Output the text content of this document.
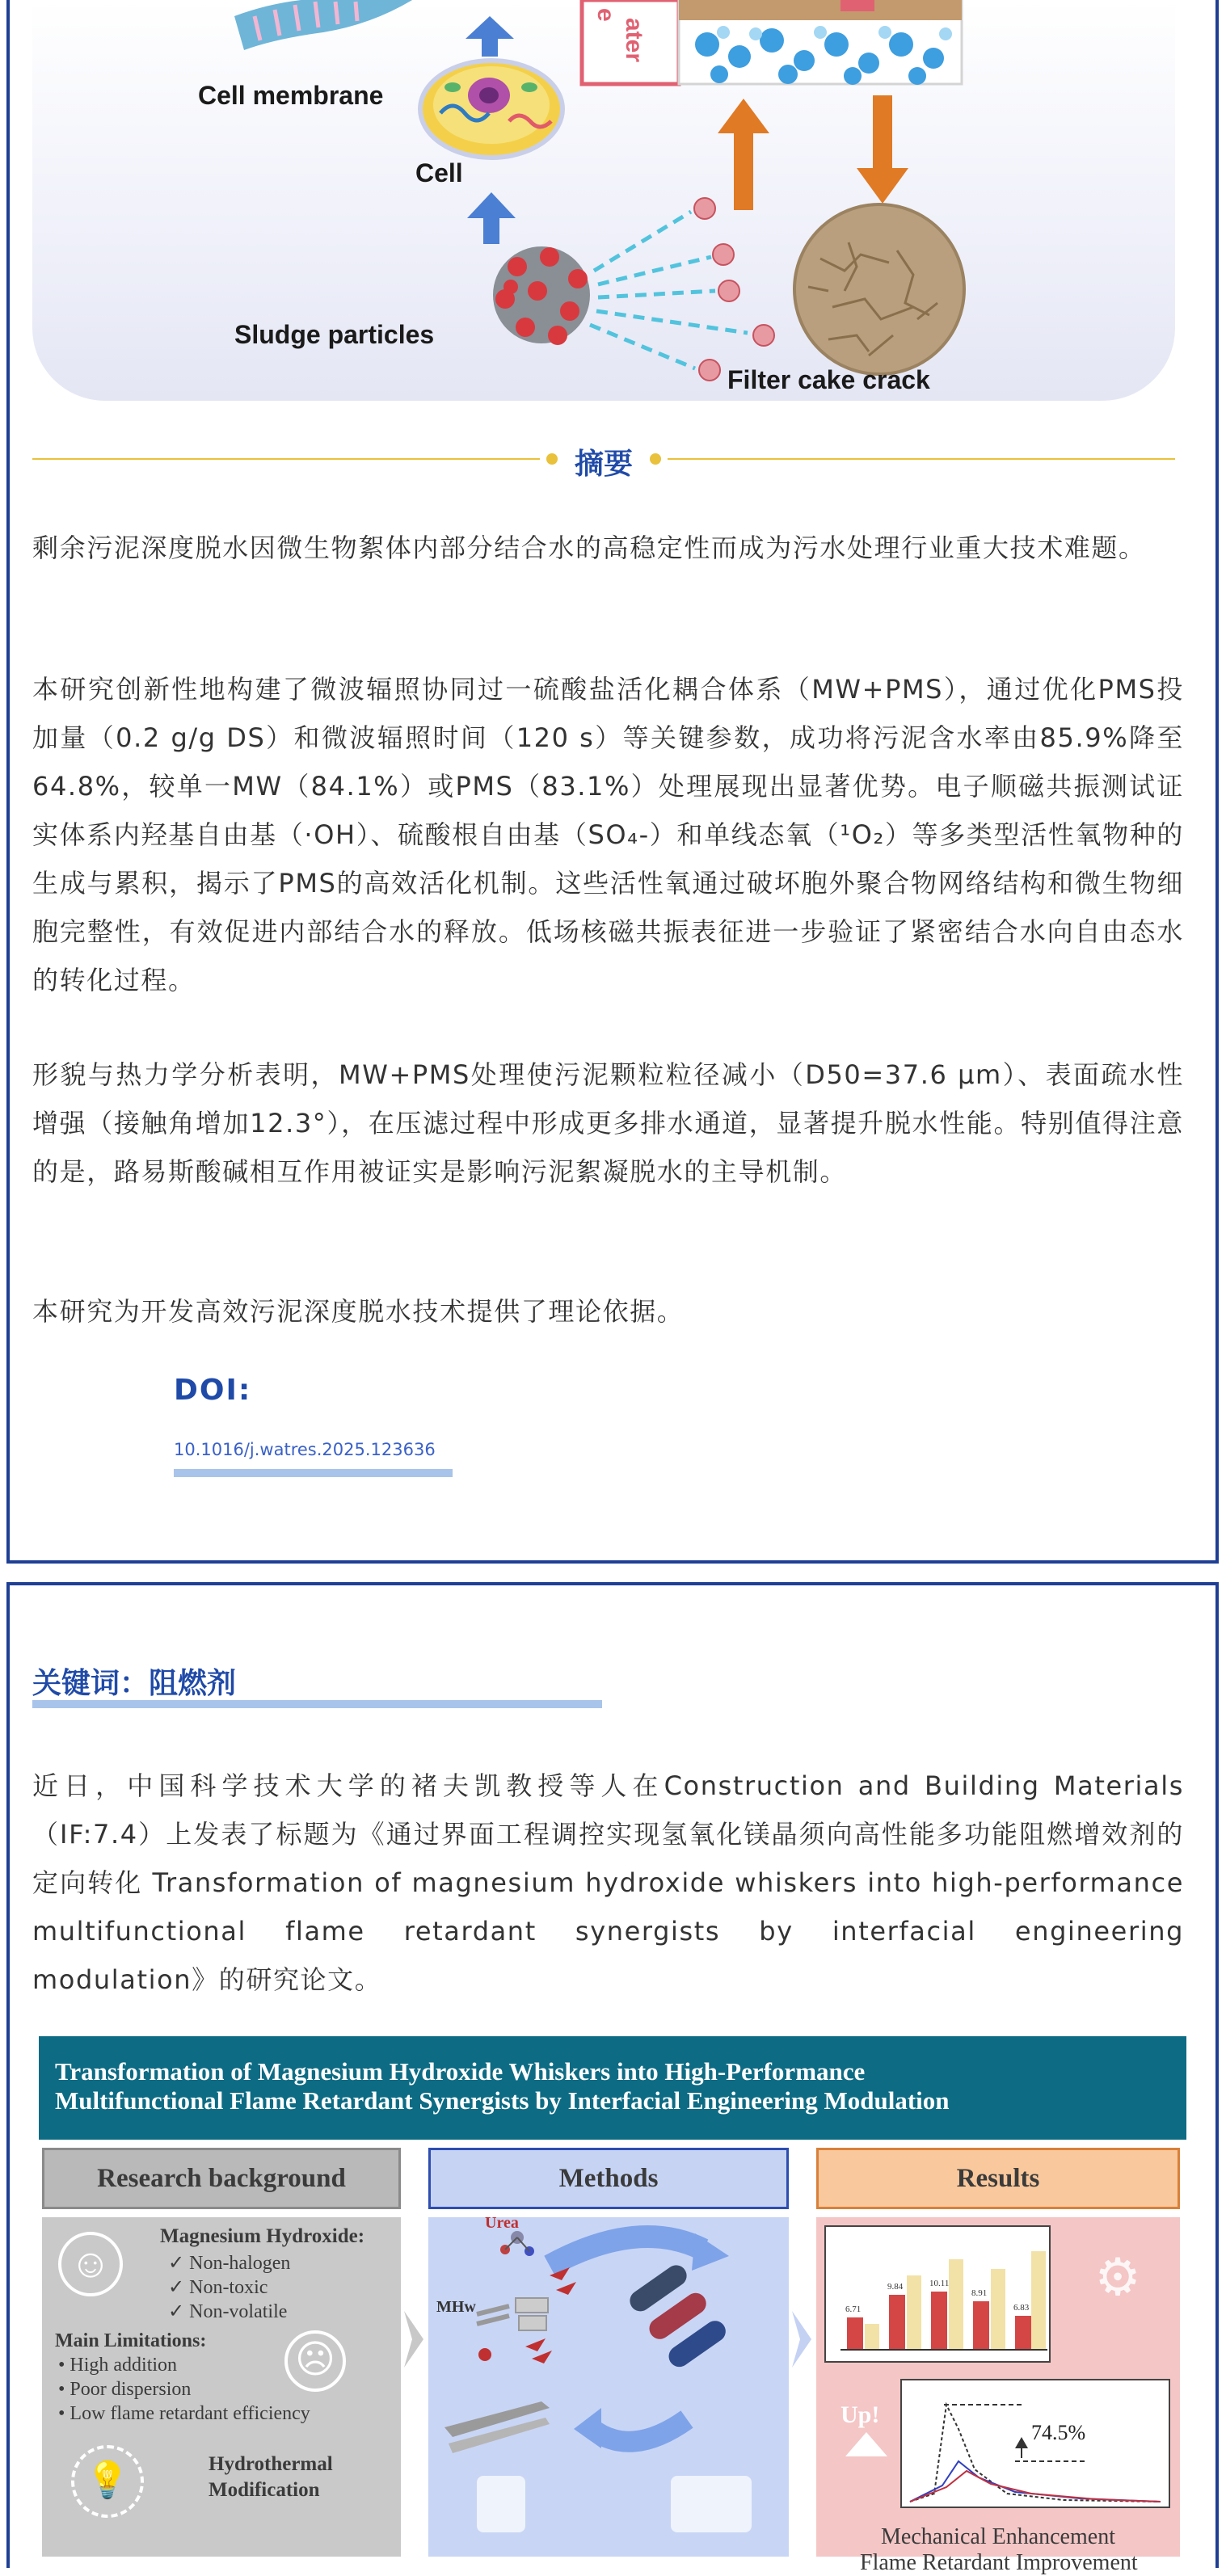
ater
e
Cell membrane
Cell
Sludge particles
Filter cake crack
摘要

剩余污泥深度脱水因微生物絮体内部分结合水的高稳定性而成为污水处理行业重大技术难题。

本研究创新性地构建了微波辐照协同过一硫酸盐活化耦合体系（MW+PMS），通过优化PMS投加量（0.2 g/g DS）和微波辐照时间（120 s）等关键参数，成功将污泥含水率由85.9%降至64.8%，较单一MW（84.1%）或PMS（83.1%）处理展现出显著优势。电子顺磁共振测试证实体系内羟基自由基（·OH）、硫酸根自由基（SO₄-）和单线态氧（¹O₂）等多类型活性氧物种的生成与累积，揭示了PMS的高效活化机制。这些活性氧通过破坏胞外聚合物网络结构和微生物细胞完整性，有效促进内部结合水的释放。低场核磁共振表征进一步验证了紧密结合水向自由态水的转化过程。

形貌与热力学分析表明，MW+PMS处理使污泥颗粒粒径减小（D50=37.6 μm）、表面疏水性增强（接触角增加12.3°），在压滤过程中形成更多排水通道，显著提升脱水性能。特别值得注意的是，路易斯酸碱相互作用被证实是影响污泥絮凝脱水的主导机制。

本研究为开发高效污泥深度脱水技术提供了理论依据。

DOI:
10.1016/j.watres.2025.123636
关键词：阻燃剂

近日，中国科学技术大学的褚夫凯教授等人在Construction and Building Materials（IF:7.4）上发表了标题为《通过界面工程调控实现氢氧化镁晶须向高性能多功能阻燃增效剂的定向转化 Transformation of magnesium hydroxide whiskers into high-performance multifunctional flame retardant synergists by interfacial engineering modulation》的研究论文。

Transformation of Magnesium Hydroxide Whiskers into High-Performance
Multifunctional Flame Retardant Synergists by Interfacial Engineering Modulation
Research background
☺
Magnesium Hydroxide:
✓ Non-halogen
✓ Non-toxic
✓ Non-volatile
Main Limitations:
• High addition
• Poor dispersion
• Low flame retardant efficiency
☹
💡	Hydrothermal
Modification
Methods
Urea
MHw
Results
6.71
9.84	10.11
8.91
6.83	⚙
74.5%
Up!
Mechanical Enhancement
Flame Retardant Improvement
